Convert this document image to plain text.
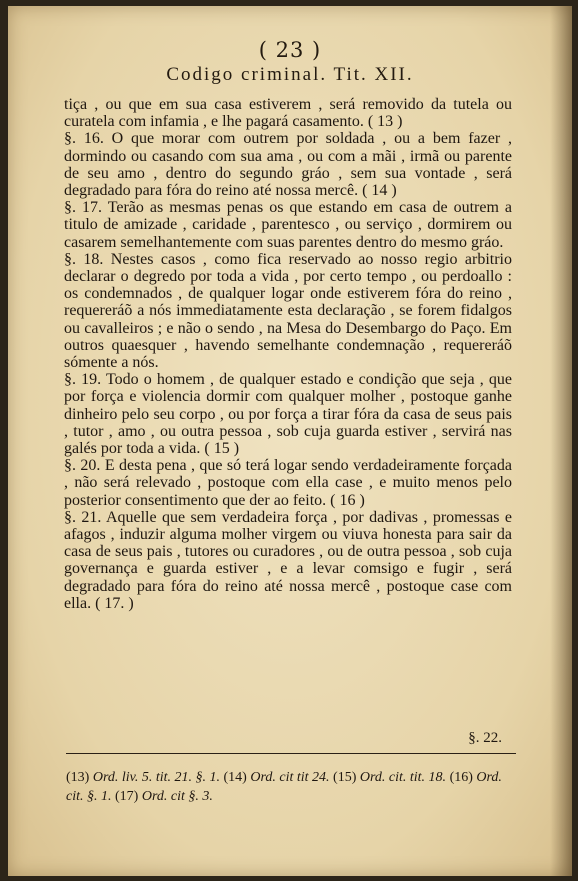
( 23 )
Codigo criminal. Tit. XII.

tiça , ou que em sua casa estiverem , será removido da tutela ou curatela com infamia , e lhe pagará casamento. ( 13 )

§. 16. O que morar com outrem por soldada , ou a bem fazer , dormindo ou casando com sua ama , ou com a mãi , irmã ou parente de seu amo , dentro do segundo gráo , sem sua vontade , será degradado para fóra do reino até nossa mercê. ( 14 )

§. 17. Terão as mesmas penas os que estando em casa de outrem a titulo de amizade , caridade , parentesco , ou serviço , dormirem ou casarem semelhantemente com suas parentes dentro do mesmo gráo.

§. 18. Nestes casos , como fica reservado ao nosso regio arbitrio declarar o degredo por toda a vida , por certo tempo , ou perdoallo : os condemnados , de qualquer logar onde estiverem fóra do reino , requereráõ a nós immediatamente esta declaração , se forem fidalgos ou cavalleiros ; e não o sendo , na Mesa do Desembargo do Paço. Em outros quaesquer , havendo semelhante condemnação , requereráõ sómente a nós.

§. 19. Todo o homem , de qualquer estado e condição que seja , que por força e violencia dormir com qualquer molher , postoque ganhe dinheiro pelo seu corpo , ou por força a tirar fóra da casa de seus pais , tutor , amo , ou outra pessoa , sob cuja guarda estiver , servirá nas galés por toda a vida. ( 15 )

§. 20. E desta pena , que só terá logar sendo verdadeiramente forçada , não será relevado , postoque com ella case , e muito menos pelo posterior consentimento que der ao feito. ( 16 )

§. 21. Aquelle que sem verdadeira força , por dadivas , promessas e afagos , induzir alguma molher virgem ou viuva honesta para sair da casa de seus pais , tutores ou curadores , ou de outra pessoa , sob cuja governança e guarda estiver , e a levar comsigo e fugir , será degradado para fóra do reino até nossa mercê , postoque case com ella. ( 17. )

§. 22.
(13) Ord. liv. 5. tit. 21. §. 1. (14) Ord. cit tit 24. (15) Ord. cit. tit. 18. (16) Ord. cit. §. 1. (17) Ord. cit §. 3.
